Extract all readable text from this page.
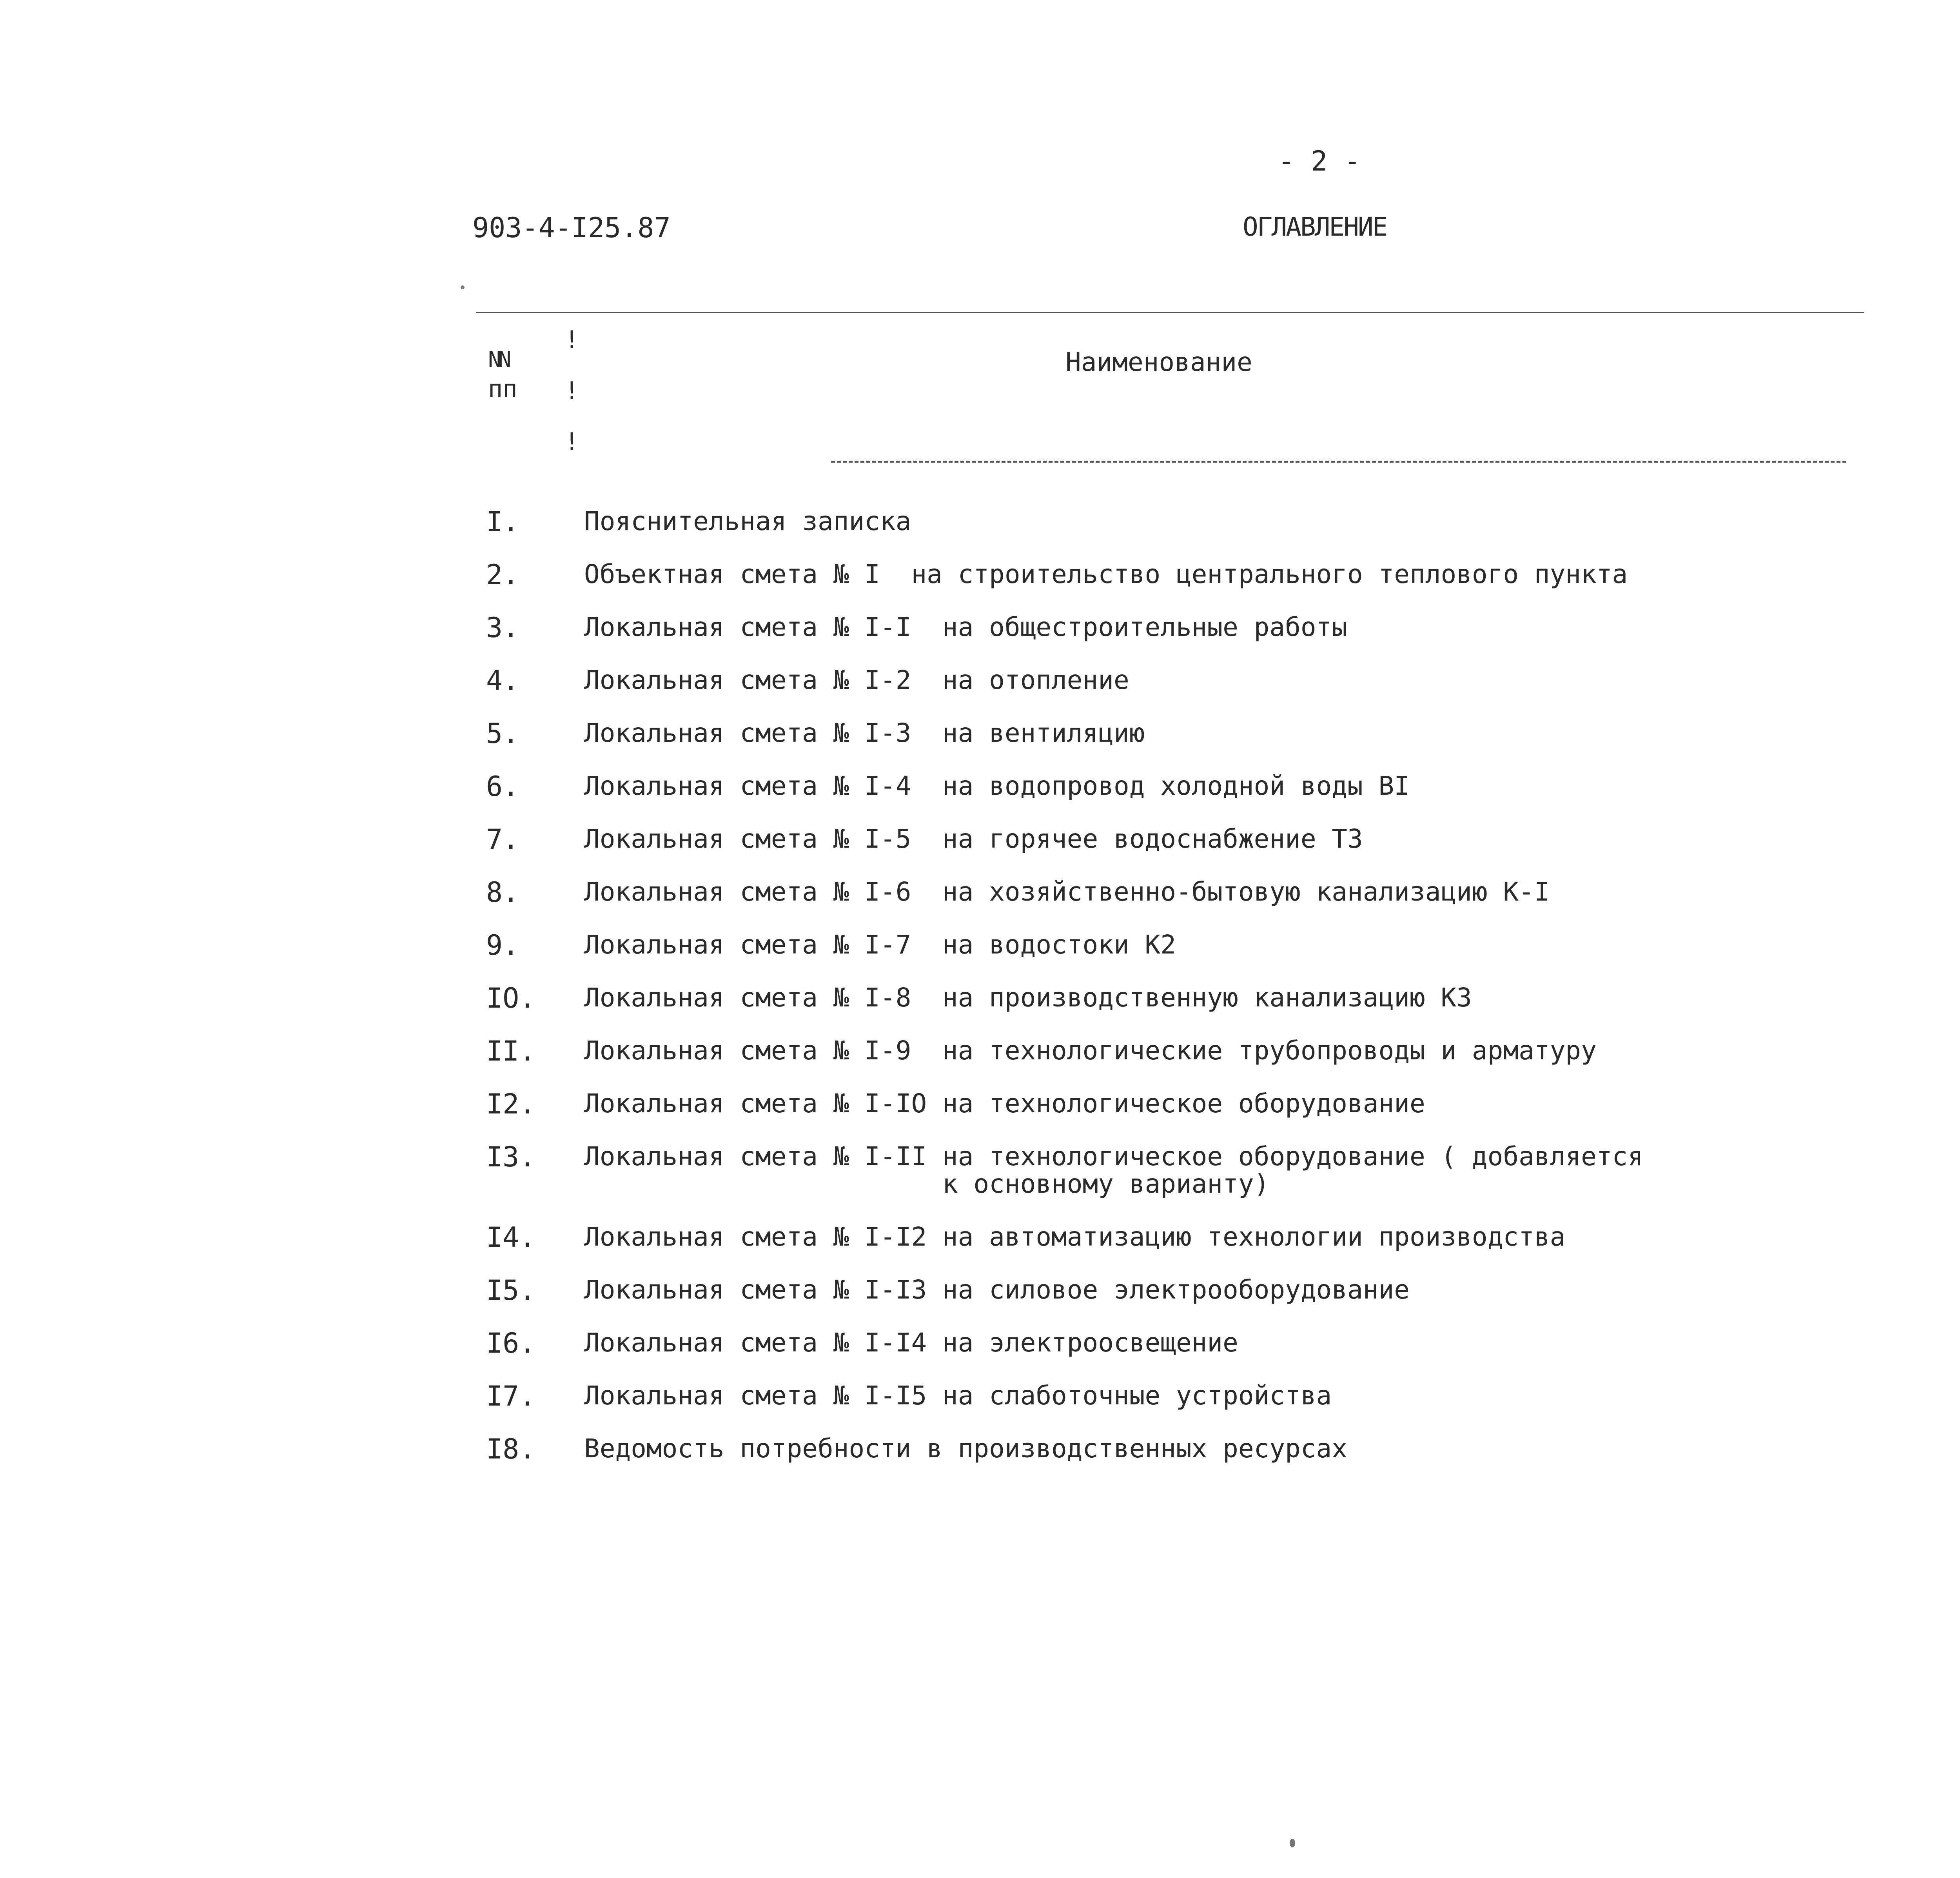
- 2 -
903-4-I25.87	ОГЛАВЛЕНИЕ
NN
пп
Наименование
!
!
!
I.	Пояснительная записка
2.	Объектная смета № I  на строительство центрального теплового пункта
3.	Локальная смета № I-I  на общестроительные работы
4.	Локальная смета № I-2  на отопление
5.	Локальная смета № I-3  на вентиляцию
6.	Локальная смета № I-4  на водопровод холодной воды BI
7.	Локальная смета № I-5  на горячее водоснабжение ТЗ
8.	Локальная смета № I-6  на хозяйственно-бытовую канализацию К-I
9.	Локальная смета № I-7  на водостоки К2
IO. Локальная смета № I-8  на производственную канализацию КЗ
II. Локальная смета № I-9  на технологические трубопроводы и арматуру
I2. Локальная смета № I-IO на технологическое оборудование
I3. Локальная смета № I-II на технологическое оборудование ( добавляется
к основному варианту)
I4. Локальная смета № I-I2 на автоматизацию технологии производства
I5. Локальная смета № I-I3 на силовое электрооборудование
I6. Локальная смета № I-I4 на электроосвещение
I7. Локальная смета № I-I5 на слаботочные устройства
I8. Ведомость потребности в производственных ресурсах
